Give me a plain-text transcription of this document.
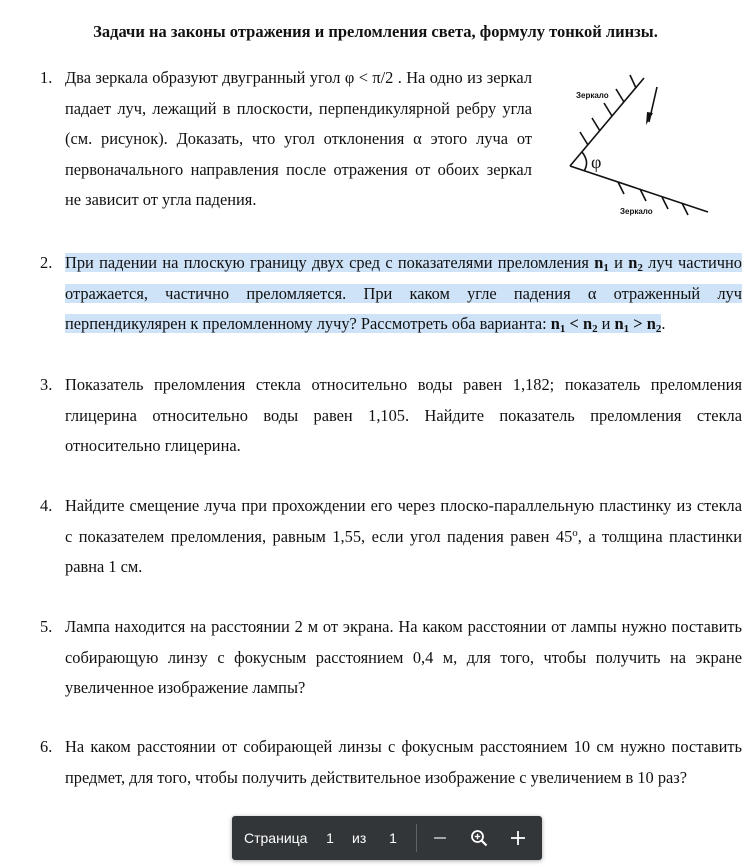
Задачи на законы отражения и преломления света, формулу тонкой линзы.
1. Два зеркала образуют двугранный угол φ < π/2 . На одно из зеркал падает луч, лежащий в плоскости, перпендикулярной ребру угла (см. рисунок). Доказать, что угол отклонения α этого луча от первоначального направления после отражения от обоих зеркал не зависит от угла падения.
Зеркало
Зеркало
φ
2. При падении на плоскую границу двух сред с показателями преломления $n_1$ и $n_2$ луч частично отражается, частично преломляется. При каком угле падения α отраженный луч перпендикулярен к преломленному лучу? Рассмотреть оба варианта: $n_1 < n_2$ и $n_1 > n_2$.
3. Показатель преломления стекла относительно воды равен 1,182; показатель преломления глицерина относительно воды равен 1,105. Найдите показатель преломления стекла относительно глицерина.
4. Найдите смещение луча при прохождении его через плоско-параллельную пластинку из стекла с показателем преломления, равным 1,55, если угол падения равен $45^о$, а толщина пластинки равна 1 см.
5. Лампа находится на расстоянии 2 м от экрана. На каком расстоянии от лампы нужно поставить собирающую линзу с фокусным расстоянием 0,4 м, для того, чтобы получить на экране увеличенное изображение лампы?
6. На каком расстоянии от собирающей линзы с фокусным расстоянием 10 см нужно поставить предмет, для того, чтобы получить действительное изображение с увеличением в 10 раз?
Страница	1	из 1
